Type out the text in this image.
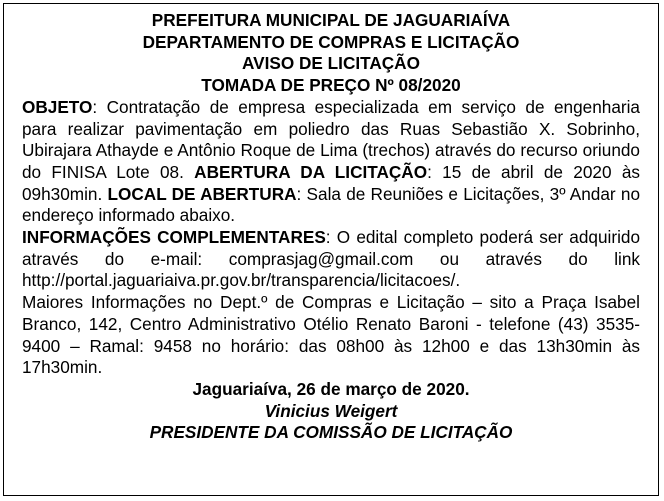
PREFEITURA MUNICIPAL DE JAGUARIAÍVA
DEPARTAMENTO DE COMPRAS E LICITAÇÃO
AVISO DE LICITAÇÃO
TOMADA DE PREÇO Nº 08/2020

OBJETO: Contratação de empresa especializada em serviço de engenharia para realizar pavimentação em poliedro das Ruas Sebastião X. Sobrinho, Ubirajara Athayde e Antônio Roque de Lima (trechos) através do recurso oriundo do FINISA Lote 08. ABERTURA DA LICITAÇÃO: 15 de abril de 2020 às 09h30min. LOCAL DE ABERTURA: Sala de Reuniões e Licitações, 3º Andar no endereço informado abaixo.

INFORMAÇÕES COMPLEMENTARES: O edital completo poderá ser adquirido através do e-mail: comprasjag@gmail.com ou através do link http://portal.jaguariaiva.pr.gov.br/transparencia/licitacoes/.

Maiores Informações no Dept.º de Compras e Licitação – sito a Praça Isabel Branco, 142, Centro Administrativo Otélio Renato Baroni - telefone (43) 3535-9400 – Ramal: 9458 no horário: das 08h00 às 12h00 e das 13h30min às 17h30min.

Jaguariaíva, 26 de março de 2020.
Vinicius Weigert
PRESIDENTE DA COMISSÃO DE LICITAÇÃO
